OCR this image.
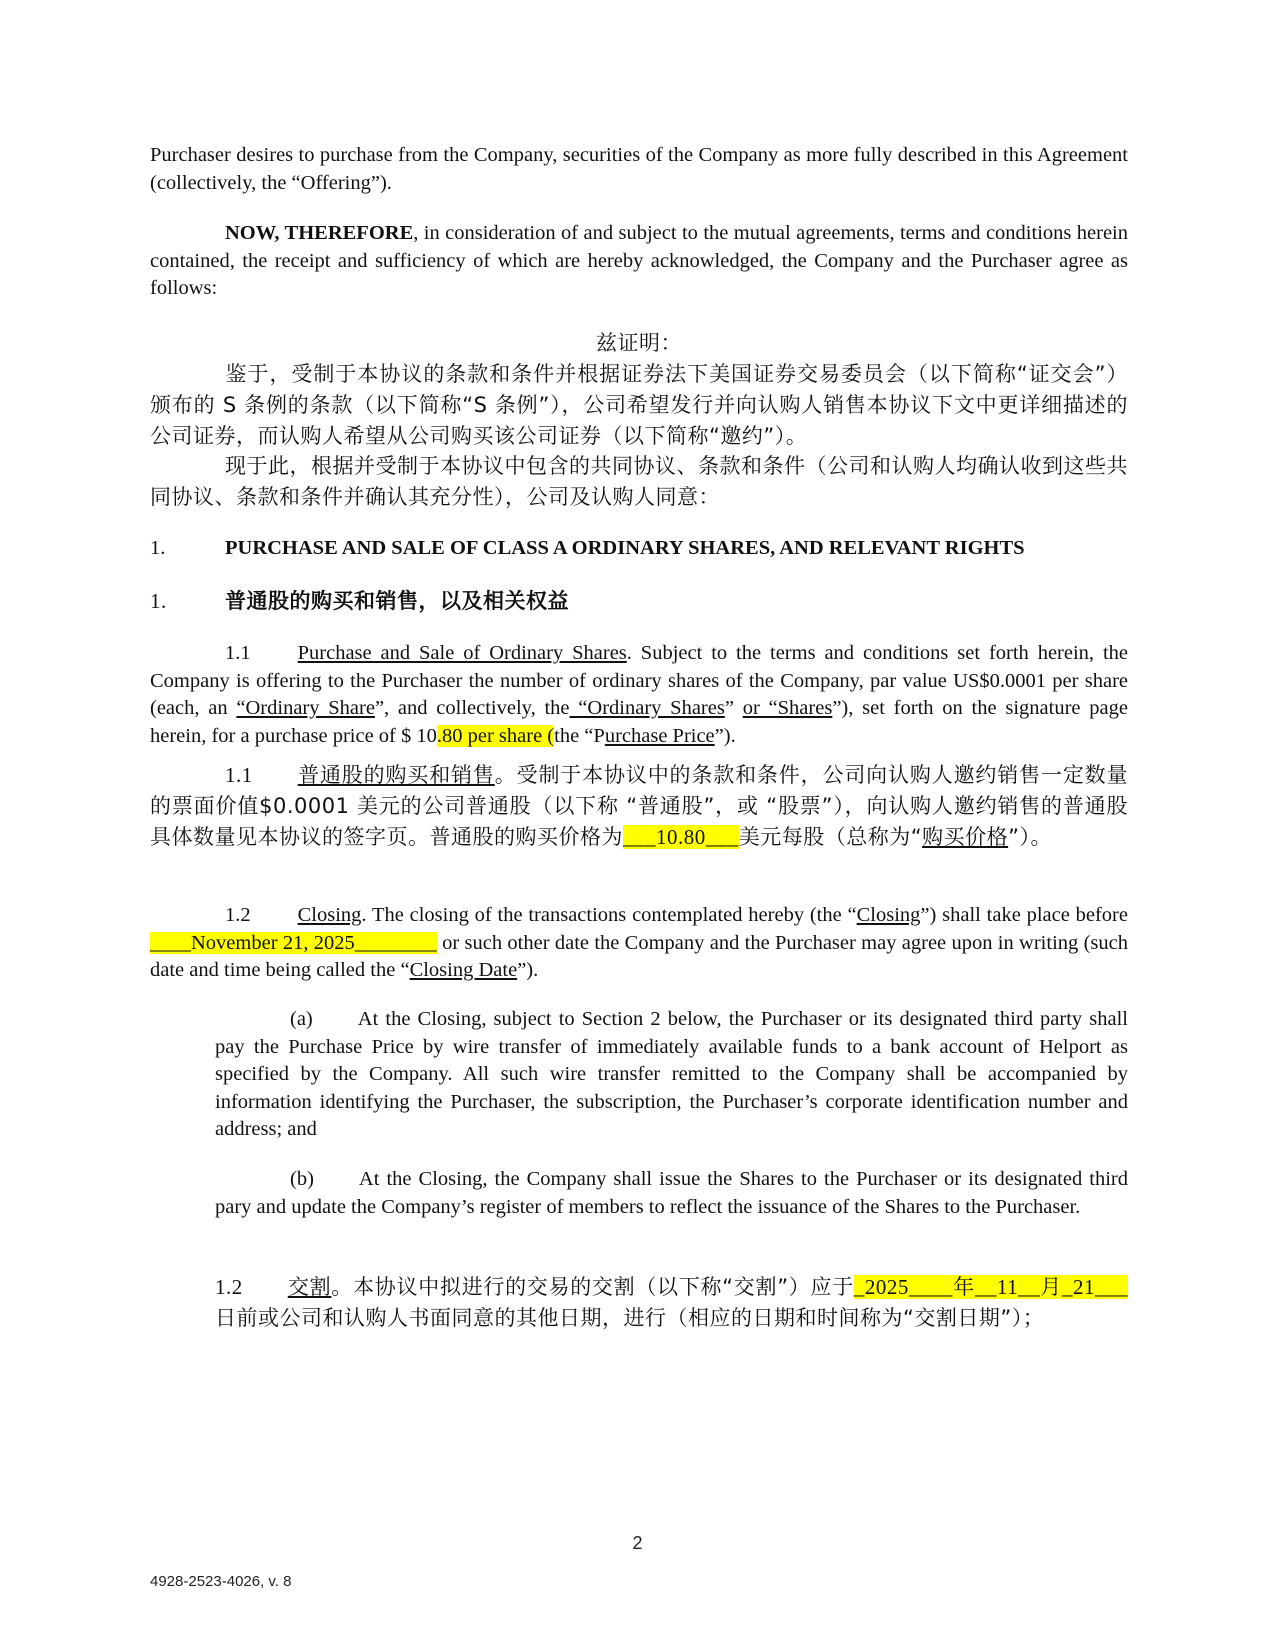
Purchaser desires to purchase from the Company, securities of the Company as more fully described in this Agreement (collectively, the “Offering”).

NOW, THEREFORE, in consideration of and subject to the mutual agreements, terms and conditions herein contained, the receipt and sufficiency of which are hereby acknowledged, the Company and the Purchaser agree as follows:

兹证明：

鉴于，受制于本协议的条款和条件并根据证券法下美国证券交易委员会（以下简称“证交会”）颁布的 S 条例的条款（以下简称“S 条例”），公司希望发行并向认购人销售本协议下文中更详细描述的公司证券，而认购人希望从公司购买该公司证券（以下简称“邀约”）。

现于此，根据并受制于本协议中包含的共同协议、条款和条件（公司和认购人均确认收到这些共同协议、条款和条件并确认其充分性），公司及认购人同意：

1.	PURCHASE AND SALE OF CLASS A ORDINARY SHARES, AND RELEVANT RIGHTS

1.	普通股的购买和销售，以及相关权益

1.1 Purchase and Sale of Ordinary Shares. Subject to the terms and conditions set forth herein, the Company is offering to the Purchaser the number of ordinary shares of the Company, par value US$0.0001 per share (each, an “Ordinary Share”, and collectively, the “Ordinary Shares” or “Shares”), set forth on the signature page herein, for a purchase price of $ 10.80 per share (the “Purchase Price”).

1.1 普通股的购买和销售。受制于本协议中的条款和条件，公司向认购人邀约销售一定数量的票面价值$0.0001 美元的公司普通股（以下称 “普通股”，或 “股票”），向认购人邀约销售的普通股具体数量见本协议的签字页。普通股的购买价格为___10.80___美元每股（总称为“购买价格”）。

1.2 Closing. The closing of the transactions contemplated hereby (the “Closing”) shall take place before ____November 21, 2025________ or such other date the Company and the Purchaser may agree upon in writing (such date and time being called the “Closing Date”).

(a) At the Closing, subject to Section 2 below, the Purchaser or its designated third party shall pay the Purchase Price by wire transfer of immediately available funds to a bank account of Helport as specified by the Company. All such wire transfer remitted to the Company shall be accompanied by information identifying the Purchaser, the subscription, the Purchaser’s corporate identification number and address; and

(b) At the Closing, the Company shall issue the Shares to the Purchaser or its designated third pary and update the Company’s register of members to reflect the issuance of the Shares to the Purchaser.

1.2 交割。本协议中拟进行的交易的交割（以下称“交割”）应于_2025____年__11__月_21___日前或公司和认购人书面同意的其他日期，进行（相应的日期和时间称为“交割日期”）；

2
4928-2523-4026, v. 8
